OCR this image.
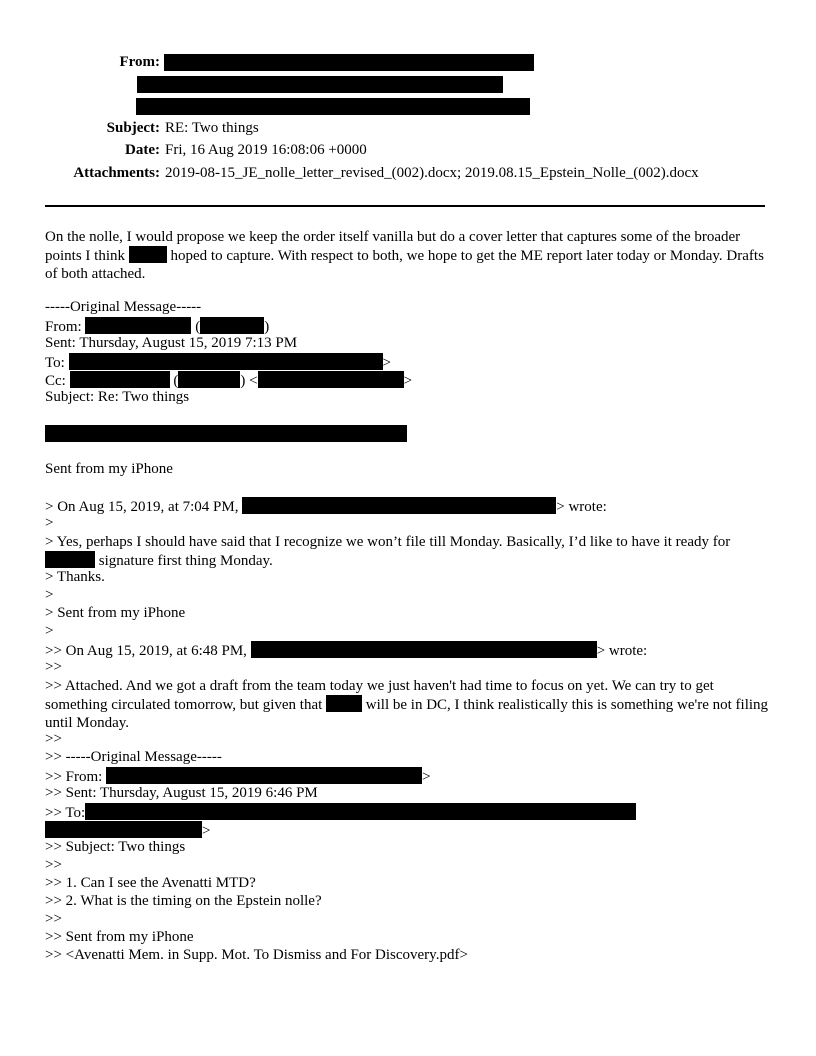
From:
Subject: RE: Two things
Date: Fri, 16 Aug 2019 16:08:06 +0000
Attachments: 2019-08-15_JE_nolle_letter_revised_(002).docx; 2019.08.15_Epstein_Nolle_(002).docx
On the nolle, I would propose we keep the order itself vanilla but do a cover letter that captures some of the broader points I think	hoped to capture. With respect to both, we hope to get the ME report later today or Monday. Drafts of both attached.
-----Original Message-----
From:	(	)
Sent: Thursday, August 15, 2019 7:13 PM
To:	>
Cc:	(	) <	>
Subject: Re: Two things
Sent from my iPhone
> On Aug 15, 2019, at 7:04 PM,	> wrote:
>
> Yes, perhaps I should have said that I recognize we won’t file till Monday. Basically, I’d like to have it ready for  signature first thing Monday.
> Thanks.
>
> Sent from my iPhone
>
>> On Aug 15, 2019, at 6:48 PM,	> wrote:
>>
>> Attached. And we got a draft from the team today we just haven't had time to focus on yet. We can try to get something circulated tomorrow, but given that	will be in DC, I think realistically this is something we're not filing until Monday.
>>
>> -----Original Message-----
>> From:	>
>> Sent: Thursday, August 15, 2019 6:46 PM
>> To:
>
>> Subject: Two things
>>
>> 1. Can I see the Avenatti MTD?
>> 2. What is the timing on the Epstein nolle?
>>
>> Sent from my iPhone
>> <Avenatti Mem. in Supp. Mot. To Dismiss and For Discovery.pdf>
